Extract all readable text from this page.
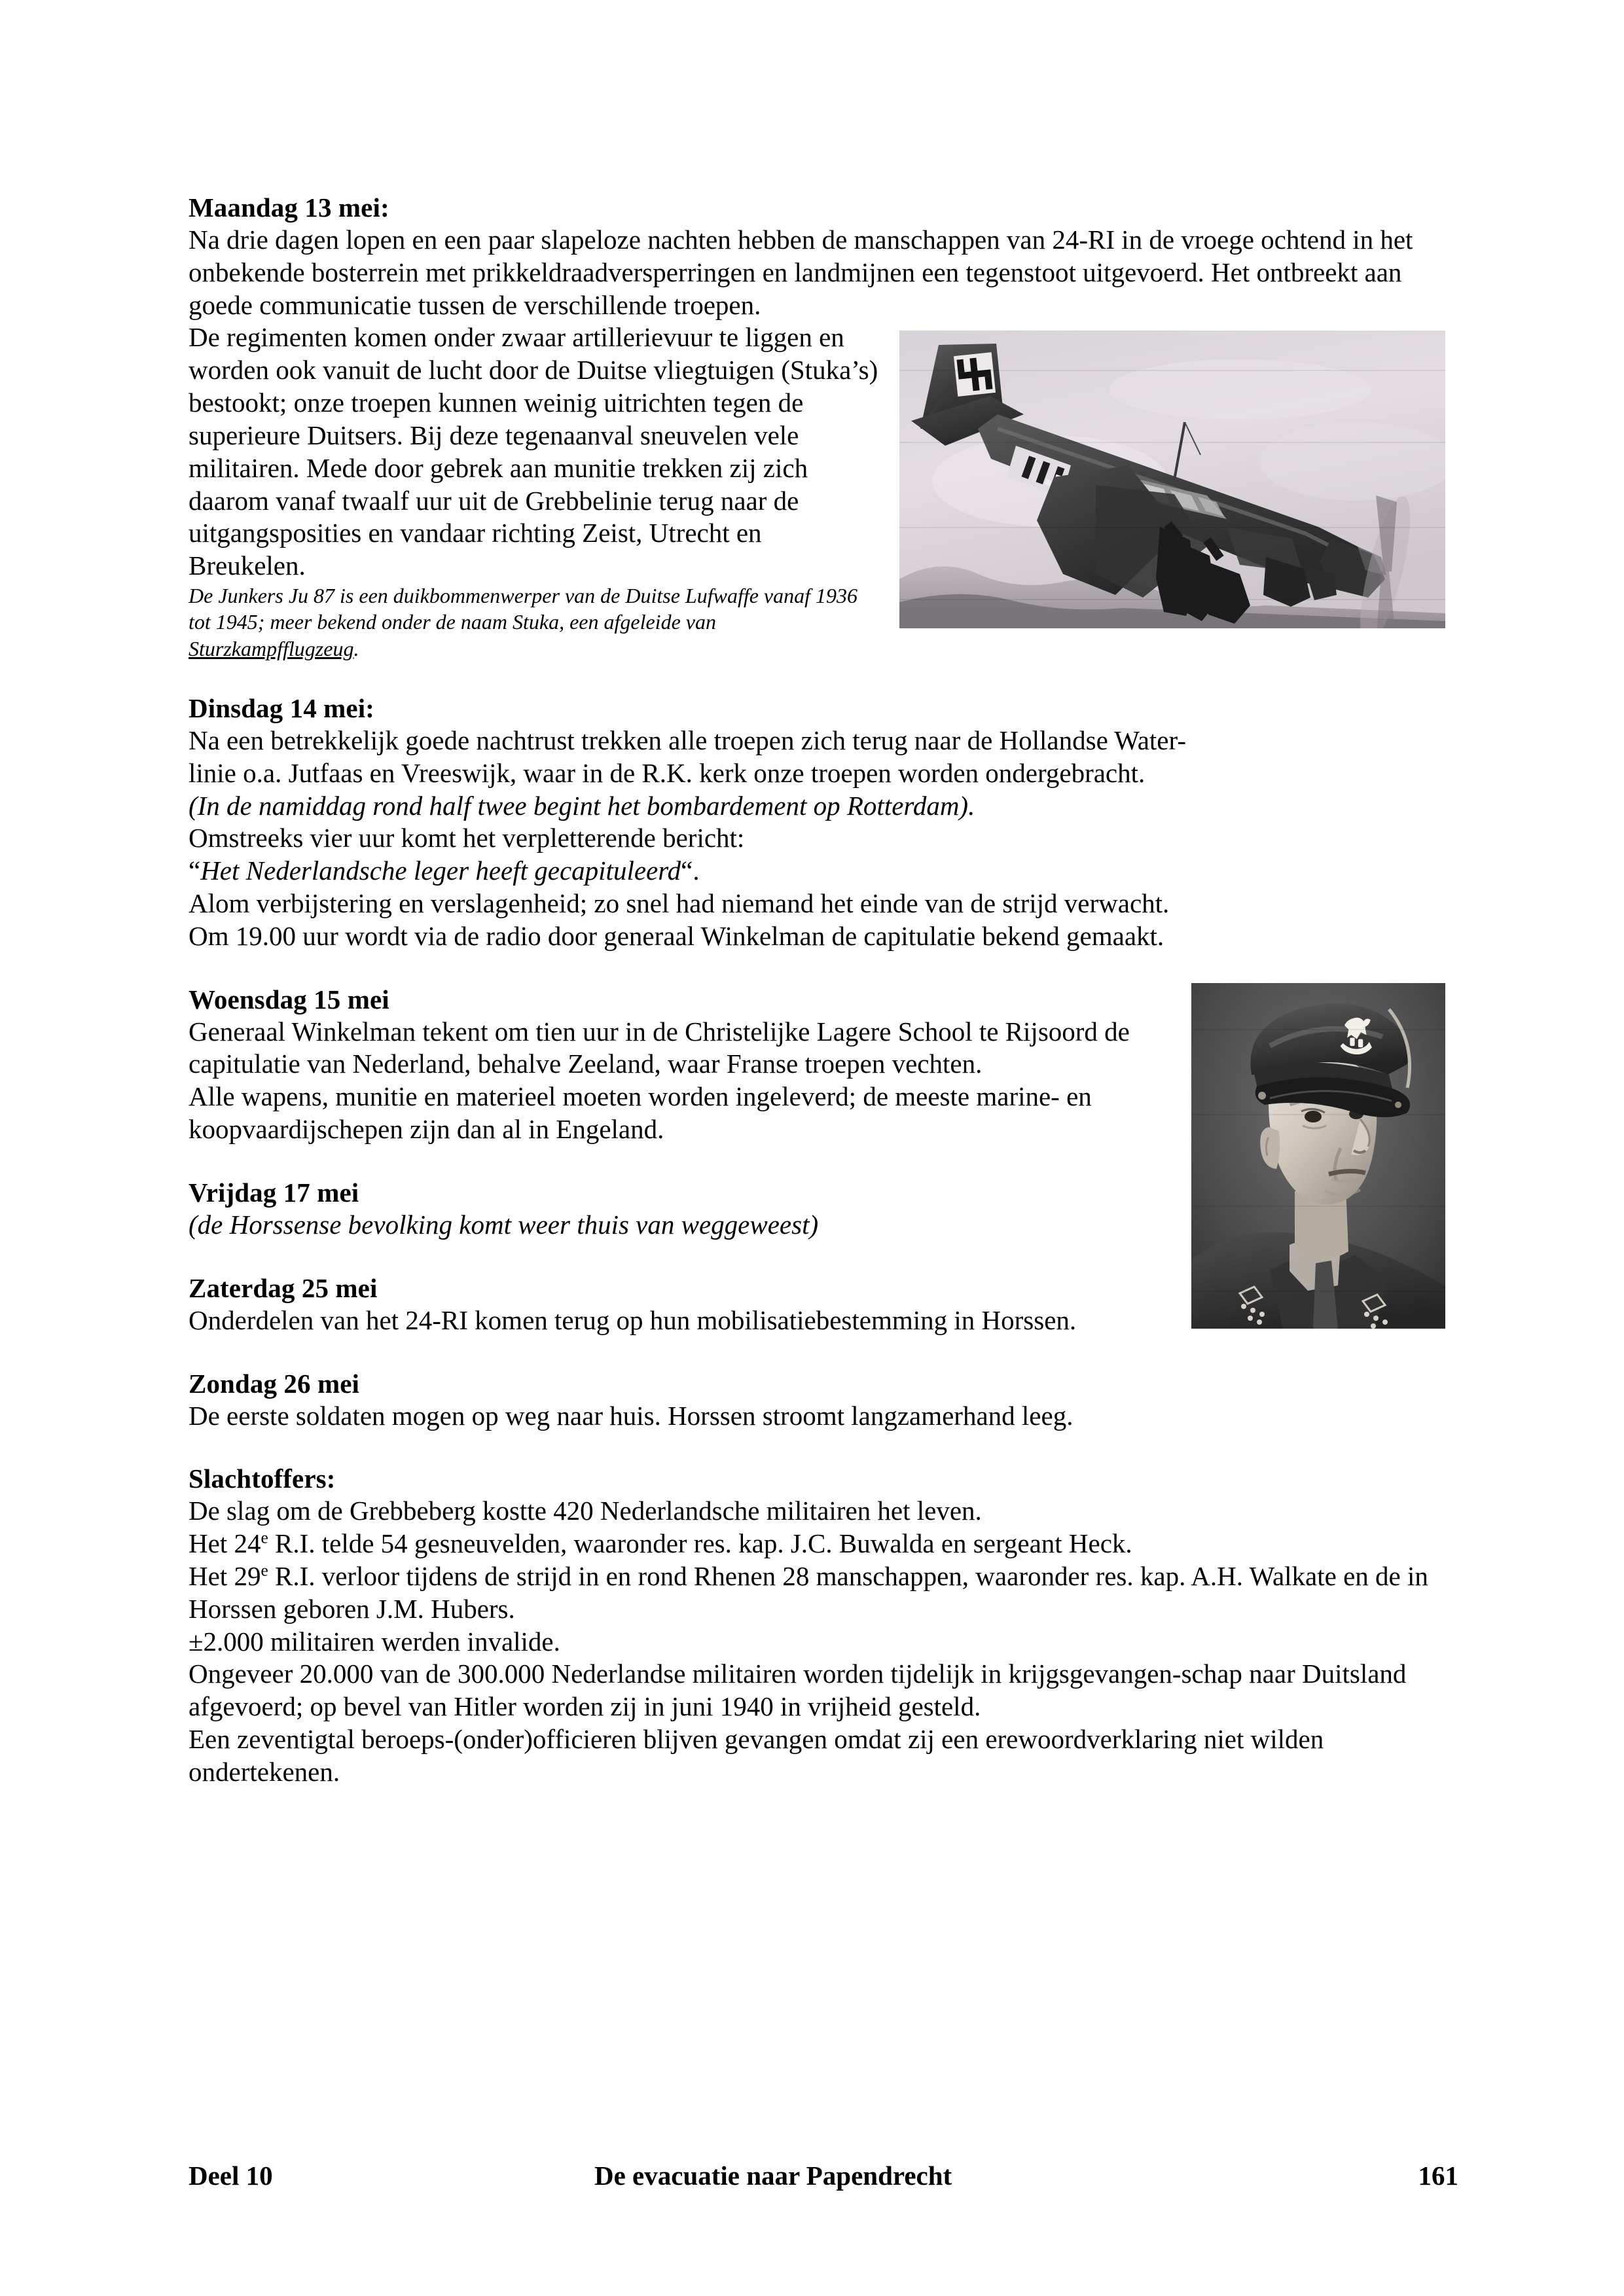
Maandag 13 mei:

Na drie dagen lopen en een paar slapeloze nachten hebben de manschappen van 24-RI in de vroege ochtend in het onbekende bosterrein met prikkeldraadversperringen en landmijnen een tegenstoot uitgevoerd. Het ontbreekt aan goede communicatie tussen de verschillende troepen.

De regimenten komen onder zwaar artillerievuur te liggen en worden ook vanuit de lucht door de Duitse vliegtuigen (Stuka’s) bestookt; onze troepen kunnen weinig uitrichten tegen de superieure Duitsers. Bij deze tegenaanval sneuvelen vele militairen. Mede door gebrek aan munitie trekken zij zich daarom vanaf twaalf uur uit de Grebbelinie terug naar de uitgangsposities en vandaar richting Zeist, Utrecht en Breukelen.

De Junkers Ju 87 is een duikbommenwerper van de Duitse Lufwaffe vanaf 1936 tot 1945; meer bekend onder de naam Stuka, een afgeleide van Sturzkampfflugzeug.

Dinsdag 14 mei:

Na een betrekkelijk goede nachtrust trekken alle troepen zich terug naar de Hollandse Water-

linie o.a. Jutfaas en Vreeswijk, waar in de R.K. kerk onze troepen worden ondergebracht.

(In de namiddag rond half twee begint het bombardement op Rotterdam).

Omstreeks vier uur komt het verpletterende bericht:

“Het Nederlandsche leger heeft gecapituleerd“.

Alom verbijstering en verslagenheid; zo snel had niemand het einde van de strijd verwacht.

Om 19.00 uur wordt via de radio door generaal Winkelman de capitulatie bekend gemaakt.

Woensdag 15 mei

Generaal Winkelman tekent om tien uur in de Christelijke Lagere School te Rijsoord de capitulatie van Nederland, behalve Zeeland, waar Franse troepen vechten.

Alle wapens, munitie en materieel moeten worden ingeleverd; de meeste marine- en koopvaardijschepen zijn dan al in Engeland.

Vrijdag 17 mei

(de Horssense bevolking komt weer thuis van weggeweest)

Zaterdag 25 mei

Onderdelen van het 24-RI komen terug op hun mobilisatiebestemming in Horssen.

Zondag 26 mei

De eerste soldaten mogen op weg naar huis. Horssen stroomt langzamerhand leeg.

Slachtoffers:

De slag om de Grebbeberg kostte 420 Nederlandsche militairen het leven.

Het 24e R.I. telde 54 gesneuvelden, waaronder res. kap. J.C. Buwalda en sergeant Heck.

Het 29e R.I. verloor tijdens de strijd in en rond Rhenen 28 manschappen, waaronder res. kap. A.H. Walkate en de in Horssen geboren J.M. Hubers.

±2.000 militairen werden invalide.

Ongeveer 20.000 van de 300.000 Nederlandse militairen worden tijdelijk in krijgsgevangen-schap naar Duitsland afgevoerd; op bevel van Hitler worden zij in juni 1940 in vrijheid gesteld.

Een zeventigtal beroeps-(onder)officieren blijven gevangen omdat zij een erewoordverklaring niet wilden ondertekenen.

Deel 10	De evacuatie naar Papendrecht	161
